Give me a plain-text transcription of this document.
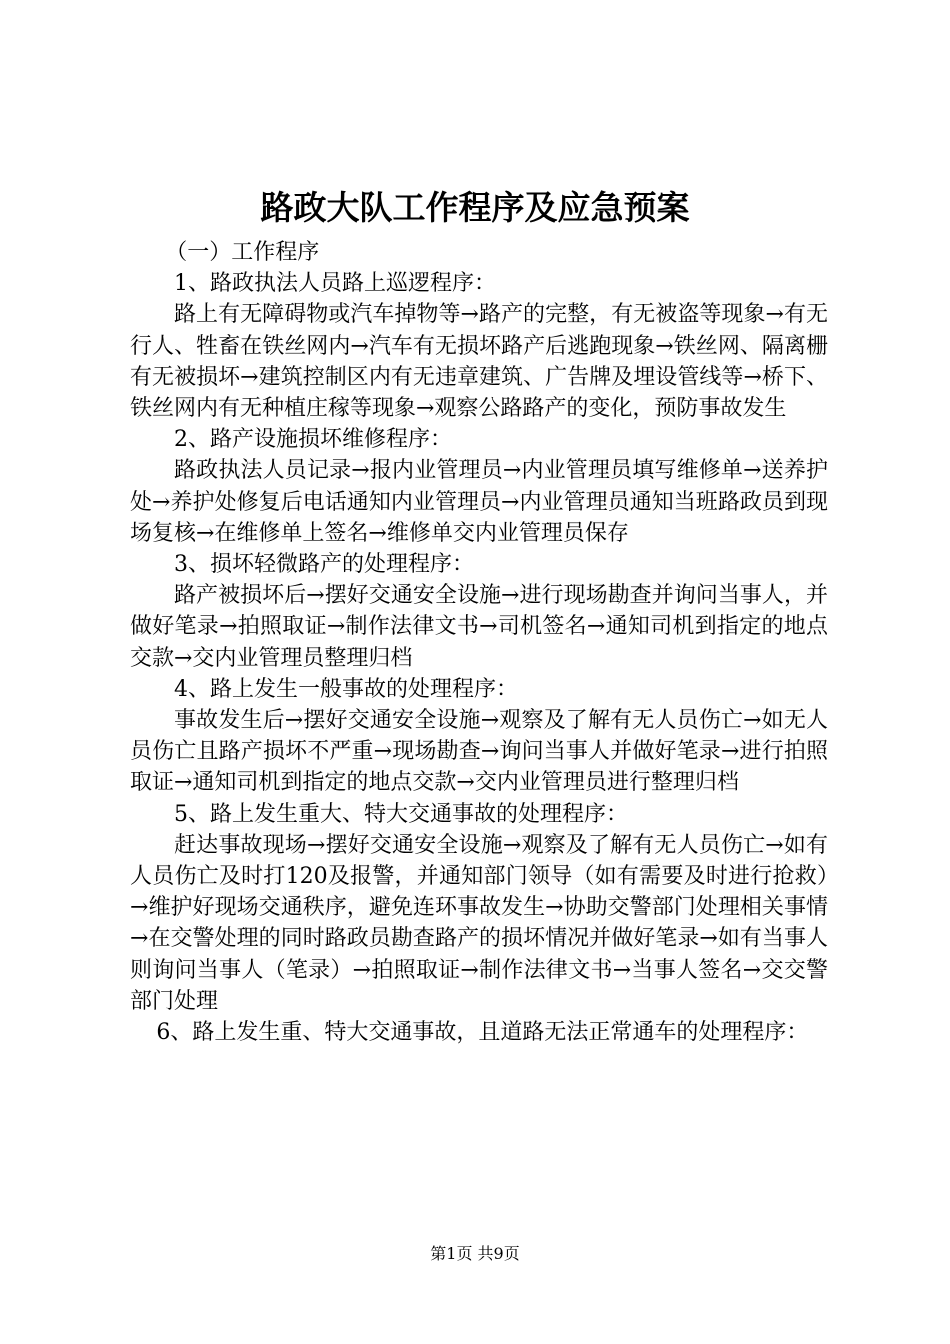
路政大队工作程序及应急预案

（一）工作程序

1、路政执法人员路上巡逻程序：

路上有无障碍物或汽车掉物等→路产的完整，有无被盗等现象→有无行人、牲畜在铁丝网内→汽车有无损坏路产后逃跑现象→铁丝网、隔离栅有无被损坏→建筑控制区内有无违章建筑、广告牌及埋设管线等→桥下、铁丝网内有无种植庄稼等现象→观察公路路产的变化，预防事故发生

2、路产设施损坏维修程序：

路政执法人员记录→报内业管理员→内业管理员填写维修单→送养护处→养护处修复后电话通知内业管理员→内业管理员通知当班路政员到现场复核→在维修单上签名→维修单交内业管理员保存

3、损坏轻微路产的处理程序：

路产被损坏后→摆好交通安全设施→进行现场勘查并询问当事人，并做好笔录→拍照取证→制作法律文书→司机签名→通知司机到指定的地点交款→交内业管理员整理归档

4、路上发生一般事故的处理程序：

事故发生后→摆好交通安全设施→观察及了解有无人员伤亡→如无人员伤亡且路产损坏不严重→现场勘查→询问当事人并做好笔录→进行拍照取证→通知司机到指定的地点交款→交内业管理员进行整理归档

5、路上发生重大、特大交通事故的处理程序：

赶达事故现场→摆好交通安全设施→观察及了解有无人员伤亡→如有人员伤亡及时打120及报警，并通知部门领导（如有需要及时进行抢救）→维护好现场交通秩序，避免连环事故发生→协助交警部门处理相关事情→在交警处理的同时路政员勘查路产的损坏情况并做好笔录→如有当事人则询问当事人（笔录）→拍照取证→制作法律文书→当事人签名→交交警部门处理

6、路上发生重、特大交通事故，且道路无法正常通车的处理程序：

第1页 共9页
